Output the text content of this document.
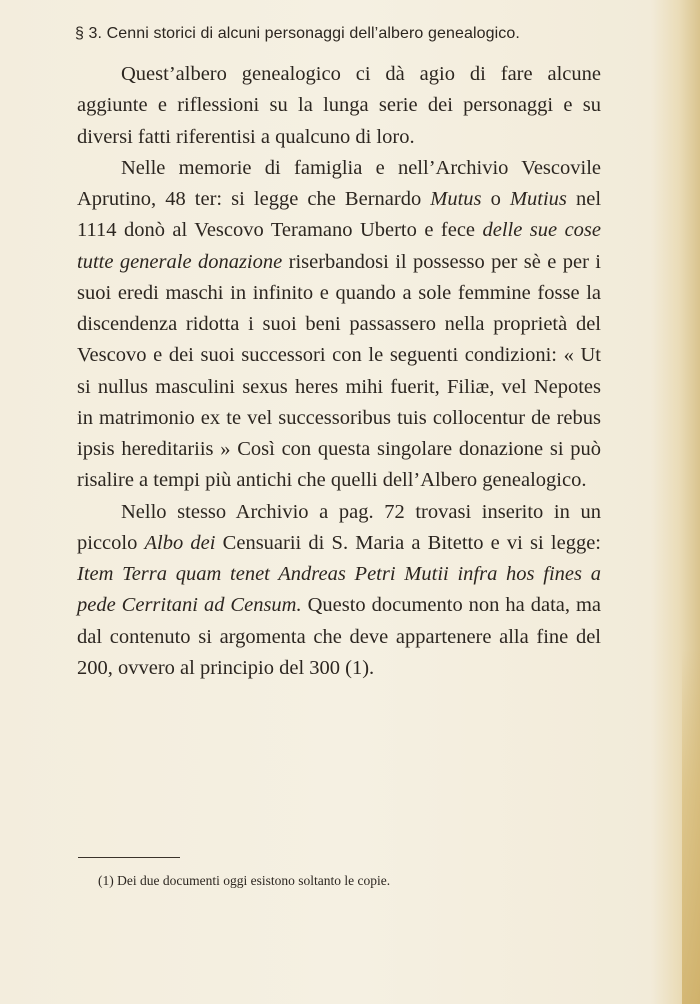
§ 3. Cenni storici di alcuni personaggi dell’albero genealogico.

Quest’albero genealogico ci dà agio di fare alcune aggiunte e riflessioni su la lunga serie dei personaggi e su diversi fatti riferentisi a qualcuno di loro.

Nelle memorie di famiglia e nell’Archivio Vescovile Aprutino, 48 ter: si legge che Bernardo Mutus o Mutius nel 1114 donò al Vescovo Teramano Uberto e fece delle sue cose tutte generale donazione riserbandosi il possesso per sè e per i suoi eredi maschi in infinito e quando a sole femmine fosse la discendenza ridotta i suoi beni passassero nella proprietà del Vescovo e dei suoi successori con le seguenti condizioni: « Ut si nullus masculini sexus heres mihi fuerit, Filiæ, vel Nepotes in matrimonio ex te vel successoribus tuis collocentur de rebus ipsis hereditariis » Così con questa singolare donazione si può risalire a tempi più antichi che quelli dell’Albero genealogico.

Nello stesso Archivio a pag. 72 trovasi inserito in un piccolo Albo dei Censuarii di S. Maria a Bitetto e vi si legge: Item Terra quam tenet Andreas Petri Mutii infra hos fines a pede Cerritani ad Censum. Questo documento non ha data, ma dal contenuto si argomenta che deve appartenere alla fine del 200, ovvero al principio del 300 (1).

(1) Dei due documenti oggi esistono soltanto le copie.
